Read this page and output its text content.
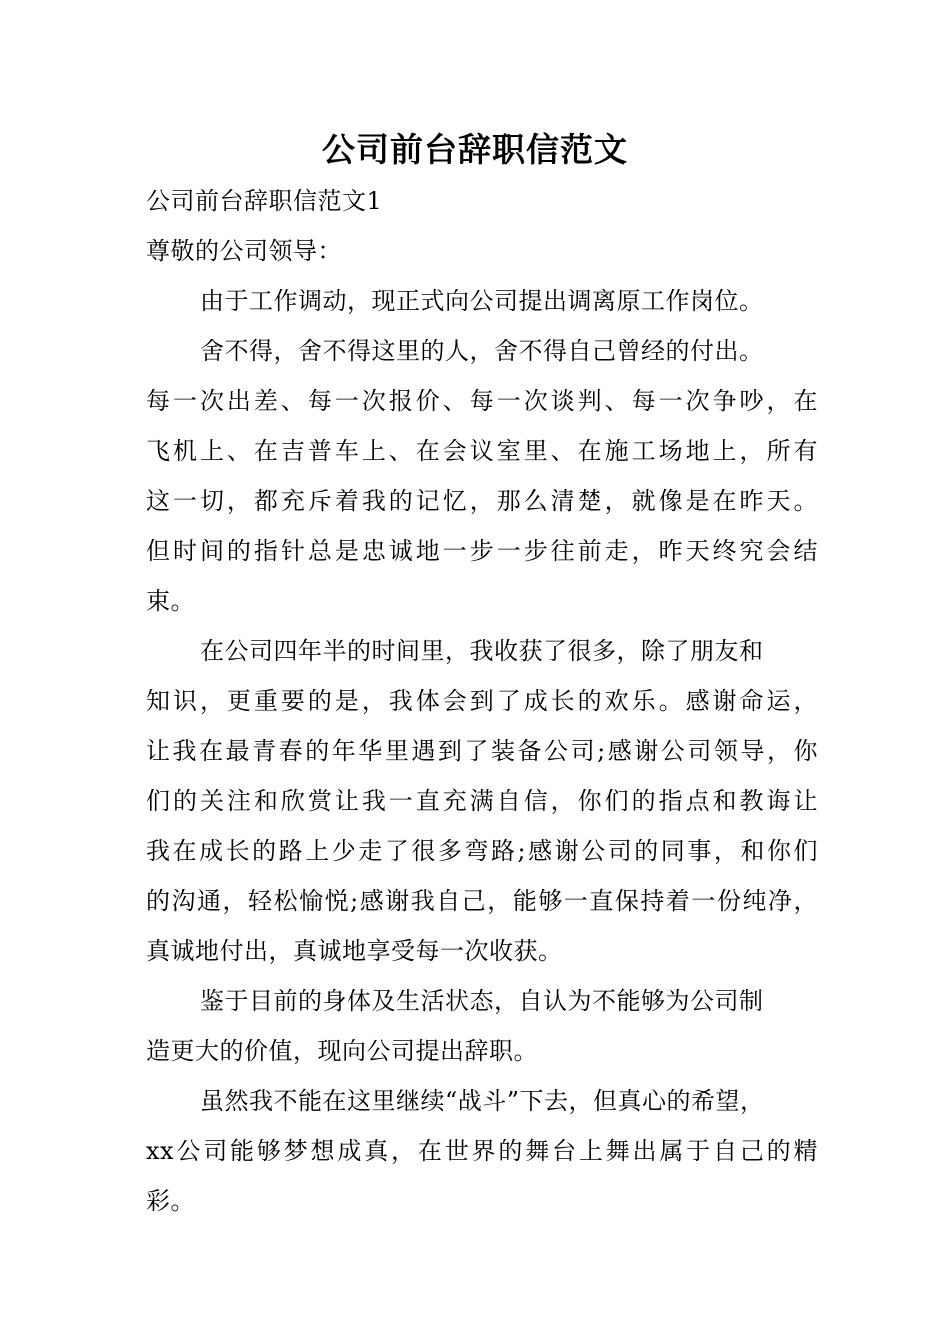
公司前台辞职信范文
公司前台辞职信范文1
尊敬的公司领导：
由于工作调动，现正式向公司提出调离原工作岗位。
舍不得，舍不得这里的人，舍不得自己曾经的付出。
每一次出差、每一次报价、每一次谈判、每一次争吵，在
飞机上、在吉普车上、在会议室里、在施工场地上，所有
这一切，都充斥着我的记忆，那么清楚，就像是在昨天。
但时间的指针总是忠诚地一步一步往前走，昨天终究会结
束。
在公司四年半的时间里，我收获了很多，除了朋友和
知识，更重要的是，我体会到了成长的欢乐。感谢命运，
让我在最青春的年华里遇到了装备公司;感谢公司领导，你
们的关注和欣赏让我一直充满自信，你们的指点和教诲让
我在成长的路上少走了很多弯路;感谢公司的同事，和你们
的沟通，轻松愉悦;感谢我自己，能够一直保持着一份纯净，
真诚地付出，真诚地享受每一次收获。
鉴于目前的身体及生活状态，自认为不能够为公司制
造更大的价值，现向公司提出辞职。
虽然我不能在这里继续“战斗”下去，但真心的希望，
xx公司能够梦想成真，在世界的舞台上舞出属于自己的精
彩。
